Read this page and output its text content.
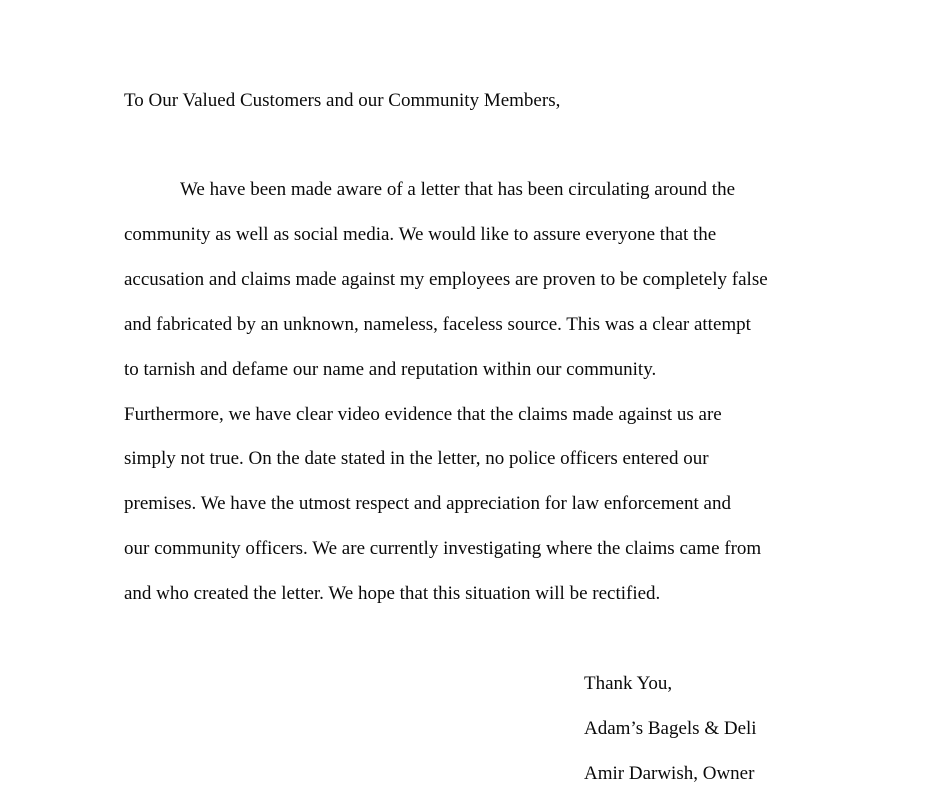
To Our Valued Customers and our Community Members,
We have been made aware of a letter that has been circulating around the
community as well as social media. We would like to assure everyone that the
accusation and claims made against my employees are proven to be completely false
and fabricated by an unknown, nameless, faceless source. This was a clear attempt
to tarnish and defame our name and reputation within our community.
Furthermore, we have clear video evidence that the claims made against us are
simply not true. On the date stated in the letter, no police officers entered our
premises. We have the utmost respect and appreciation for law enforcement and
our community officers. We are currently investigating where the claims came from
and who created the letter. We hope that this situation will be rectified.
Thank You,
Adam’s Bagels & Deli
Amir Darwish, Owner
